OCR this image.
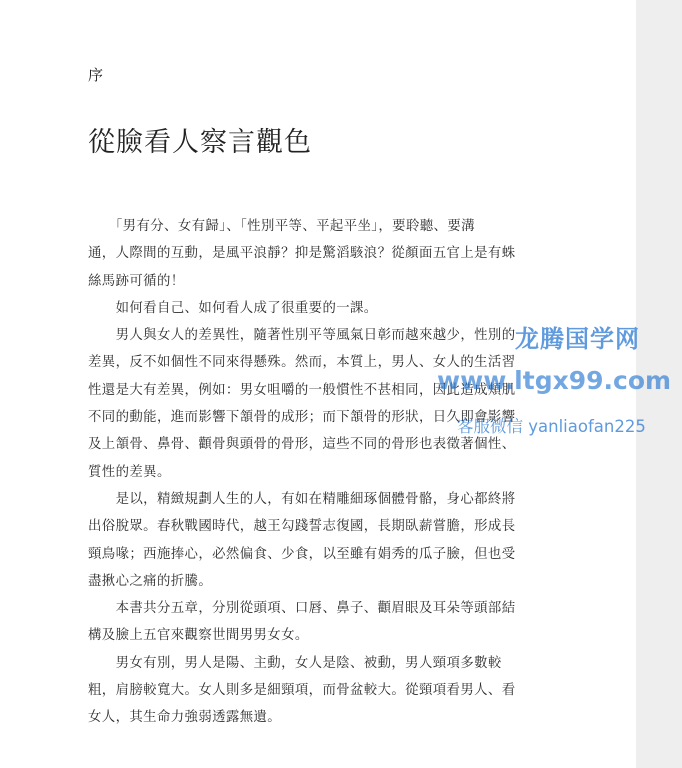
序
從臉看人察言觀色
　　「男有分、女有歸」、「性別平等、平起平坐」，要聆聽、要溝
通，人際間的互動，是風平浪靜？抑是驚滔駭浪？從顏面五官上是有蛛
絲馬跡可循的！
　　如何看自己、如何看人成了很重要的一課。
　　男人與女人的差異性，隨著性別平等風氣日彰而越來越少，性別的
差異，反不如個性不同來得懸殊。然而，本質上，男人、女人的生活習
性還是大有差異，例如：男女咀嚼的一般慣性不甚相同，因此造成頰肌
不同的動能，進而影響下頷骨的成形；而下頷骨的形狀，日久即會影響
及上頷骨、鼻骨、顴骨與頭骨的骨形，這些不同的骨形也表徵著個性、
質性的差異。
　　是以，精緻規劃人生的人，有如在精雕細琢個體骨骼，身心都終將
出俗脫眾。春秋戰國時代，越王勾踐誓志復國，長期臥薪嘗膽，形成長
頸鳥喙；西施捧心，必然偏食、少食，以至雖有娟秀的瓜子臉，但也受
盡揪心之痛的折騰。
　　本書共分五章，分別從頭項、口唇、鼻子、顴眉眼及耳朵等頭部結
構及臉上五官來觀察世間男男女女。
　　男女有別，男人是陽、主動，女人是陰、被動，男人頸項多數較
粗，肩膀較寬大。女人則多是細頸項，而骨盆較大。從頸項看男人、看
女人，其生命力強弱透露無遺。
龙腾国学网
www.ltgx99.com
客服微信 yanliaofan225
